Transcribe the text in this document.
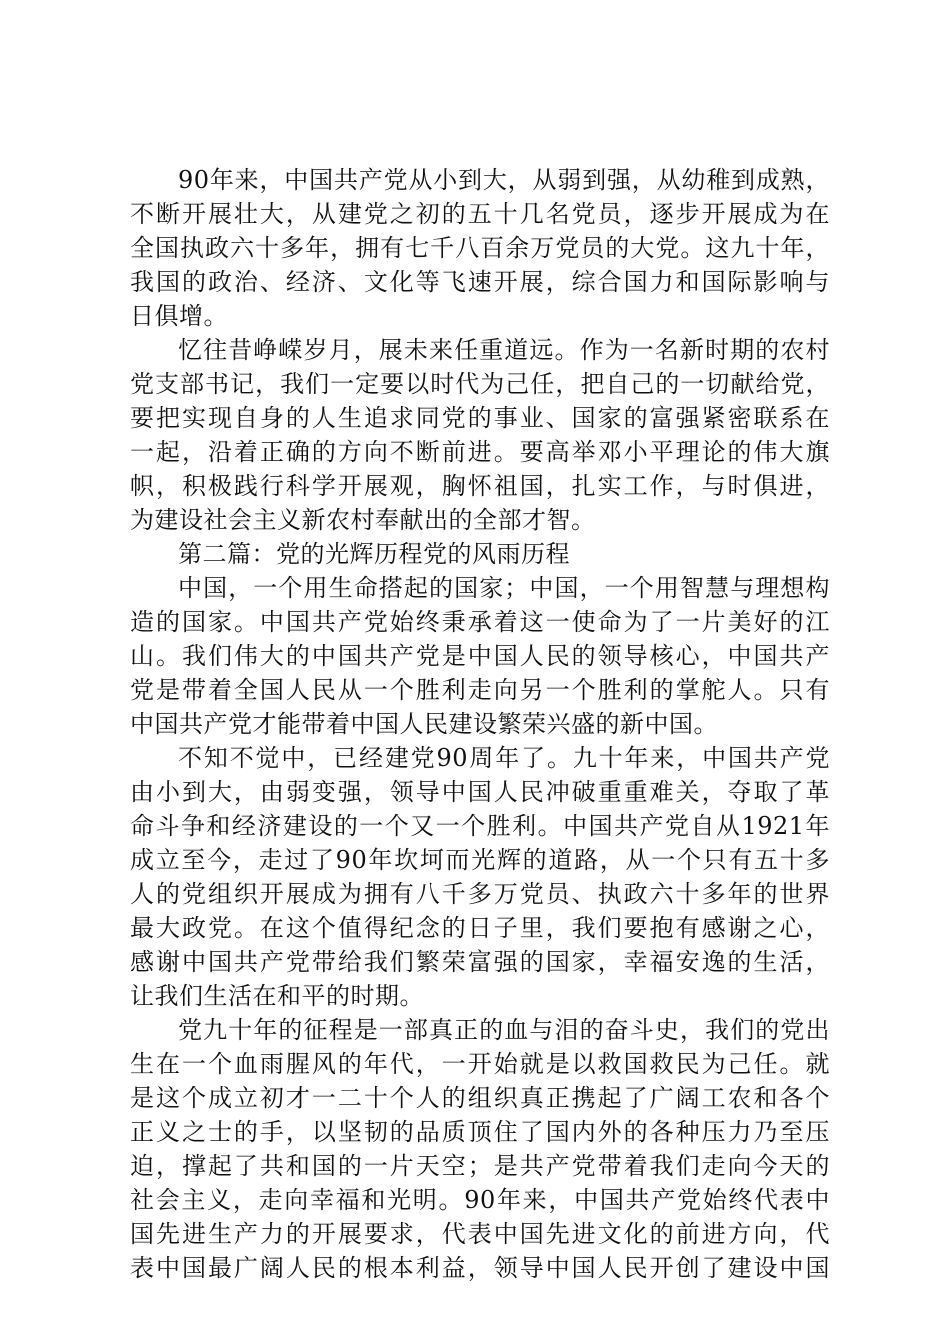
90年来，中国共产党从小到大，从弱到强，从幼稚到成熟，
不断开展壮大，从建党之初的五十几名党员，逐步开展成为在
全国执政六十多年，拥有七千八百余万党员的大党。这九十年，
我国的政治、经济、文化等飞速开展，综合国力和国际影响与
日俱增。
忆往昔峥嵘岁月，展未来任重道远。作为一名新时期的农村
党支部书记，我们一定要以时代为己任，把自己的一切献给党，
要把实现自身的人生追求同党的事业、国家的富强紧密联系在
一起，沿着正确的方向不断前进。要高举邓小平理论的伟大旗
帜，积极践行科学开展观，胸怀祖国，扎实工作，与时俱进，
为建设社会主义新农村奉献出的全部才智。
第二篇：党的光辉历程党的风雨历程
中国，一个用生命搭起的国家；中国，一个用智慧与理想构
造的国家。中国共产党始终秉承着这一使命为了一片美好的江
山。我们伟大的中国共产党是中国人民的领导核心，中国共产
党是带着全国人民从一个胜利走向另一个胜利的掌舵人。只有
中国共产党才能带着中国人民建设繁荣兴盛的新中国。
不知不觉中，已经建党90周年了。九十年来，中国共产党
由小到大，由弱变强，领导中国人民冲破重重难关，夺取了革
命斗争和经济建设的一个又一个胜利。中国共产党自从1921年
成立至今，走过了90年坎坷而光辉的道路，从一个只有五十多
人的党组织开展成为拥有八千多万党员、执政六十多年的世界
最大政党。在这个值得纪念的日子里，我们要抱有感谢之心，
感谢中国共产党带给我们繁荣富强的国家，幸福安逸的生活，
让我们生活在和平的时期。
党九十年的征程是一部真正的血与泪的奋斗史，我们的党出
生在一个血雨腥风的年代，一开始就是以救国救民为己任。就
是这个成立初才一二十个人的组织真正携起了广阔工农和各个
正义之士的手，以坚韧的品质顶住了国内外的各种压力乃至压
迫，撑起了共和国的一片天空；是共产党带着我们走向今天的
社会主义，走向幸福和光明。90年来，中国共产党始终代表中
国先进生产力的开展要求，代表中国先进文化的前进方向，代
表中国最广阔人民的根本利益，领导中国人民开创了建设中国
